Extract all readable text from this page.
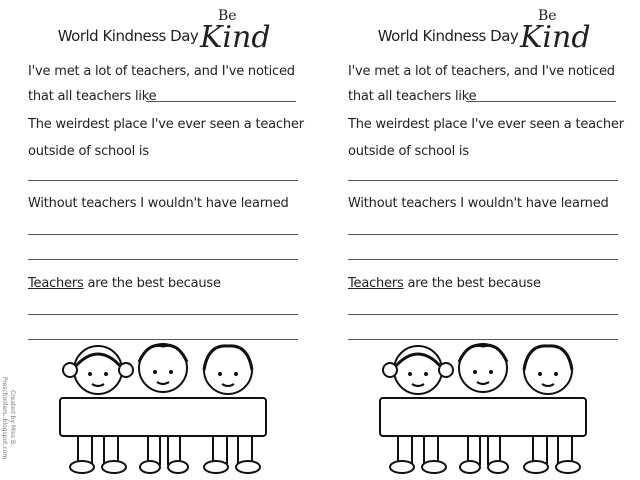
Created by Miss B.
Preschoolers..blogspot.com
World Kindness Day
Be
Kind
I've met a lot of teachers, and I've noticed
that all teachers like
The weirdest place I've ever seen a teacher
outside of school is
Without teachers I wouldn't have learned
Teachers are the best because
World Kindness Day
Be
Kind
I've met a lot of teachers, and I've noticed
that all teachers like
The weirdest place I've ever seen a teacher
outside of school is
Without teachers I wouldn't have learned
Teachers are the best because
